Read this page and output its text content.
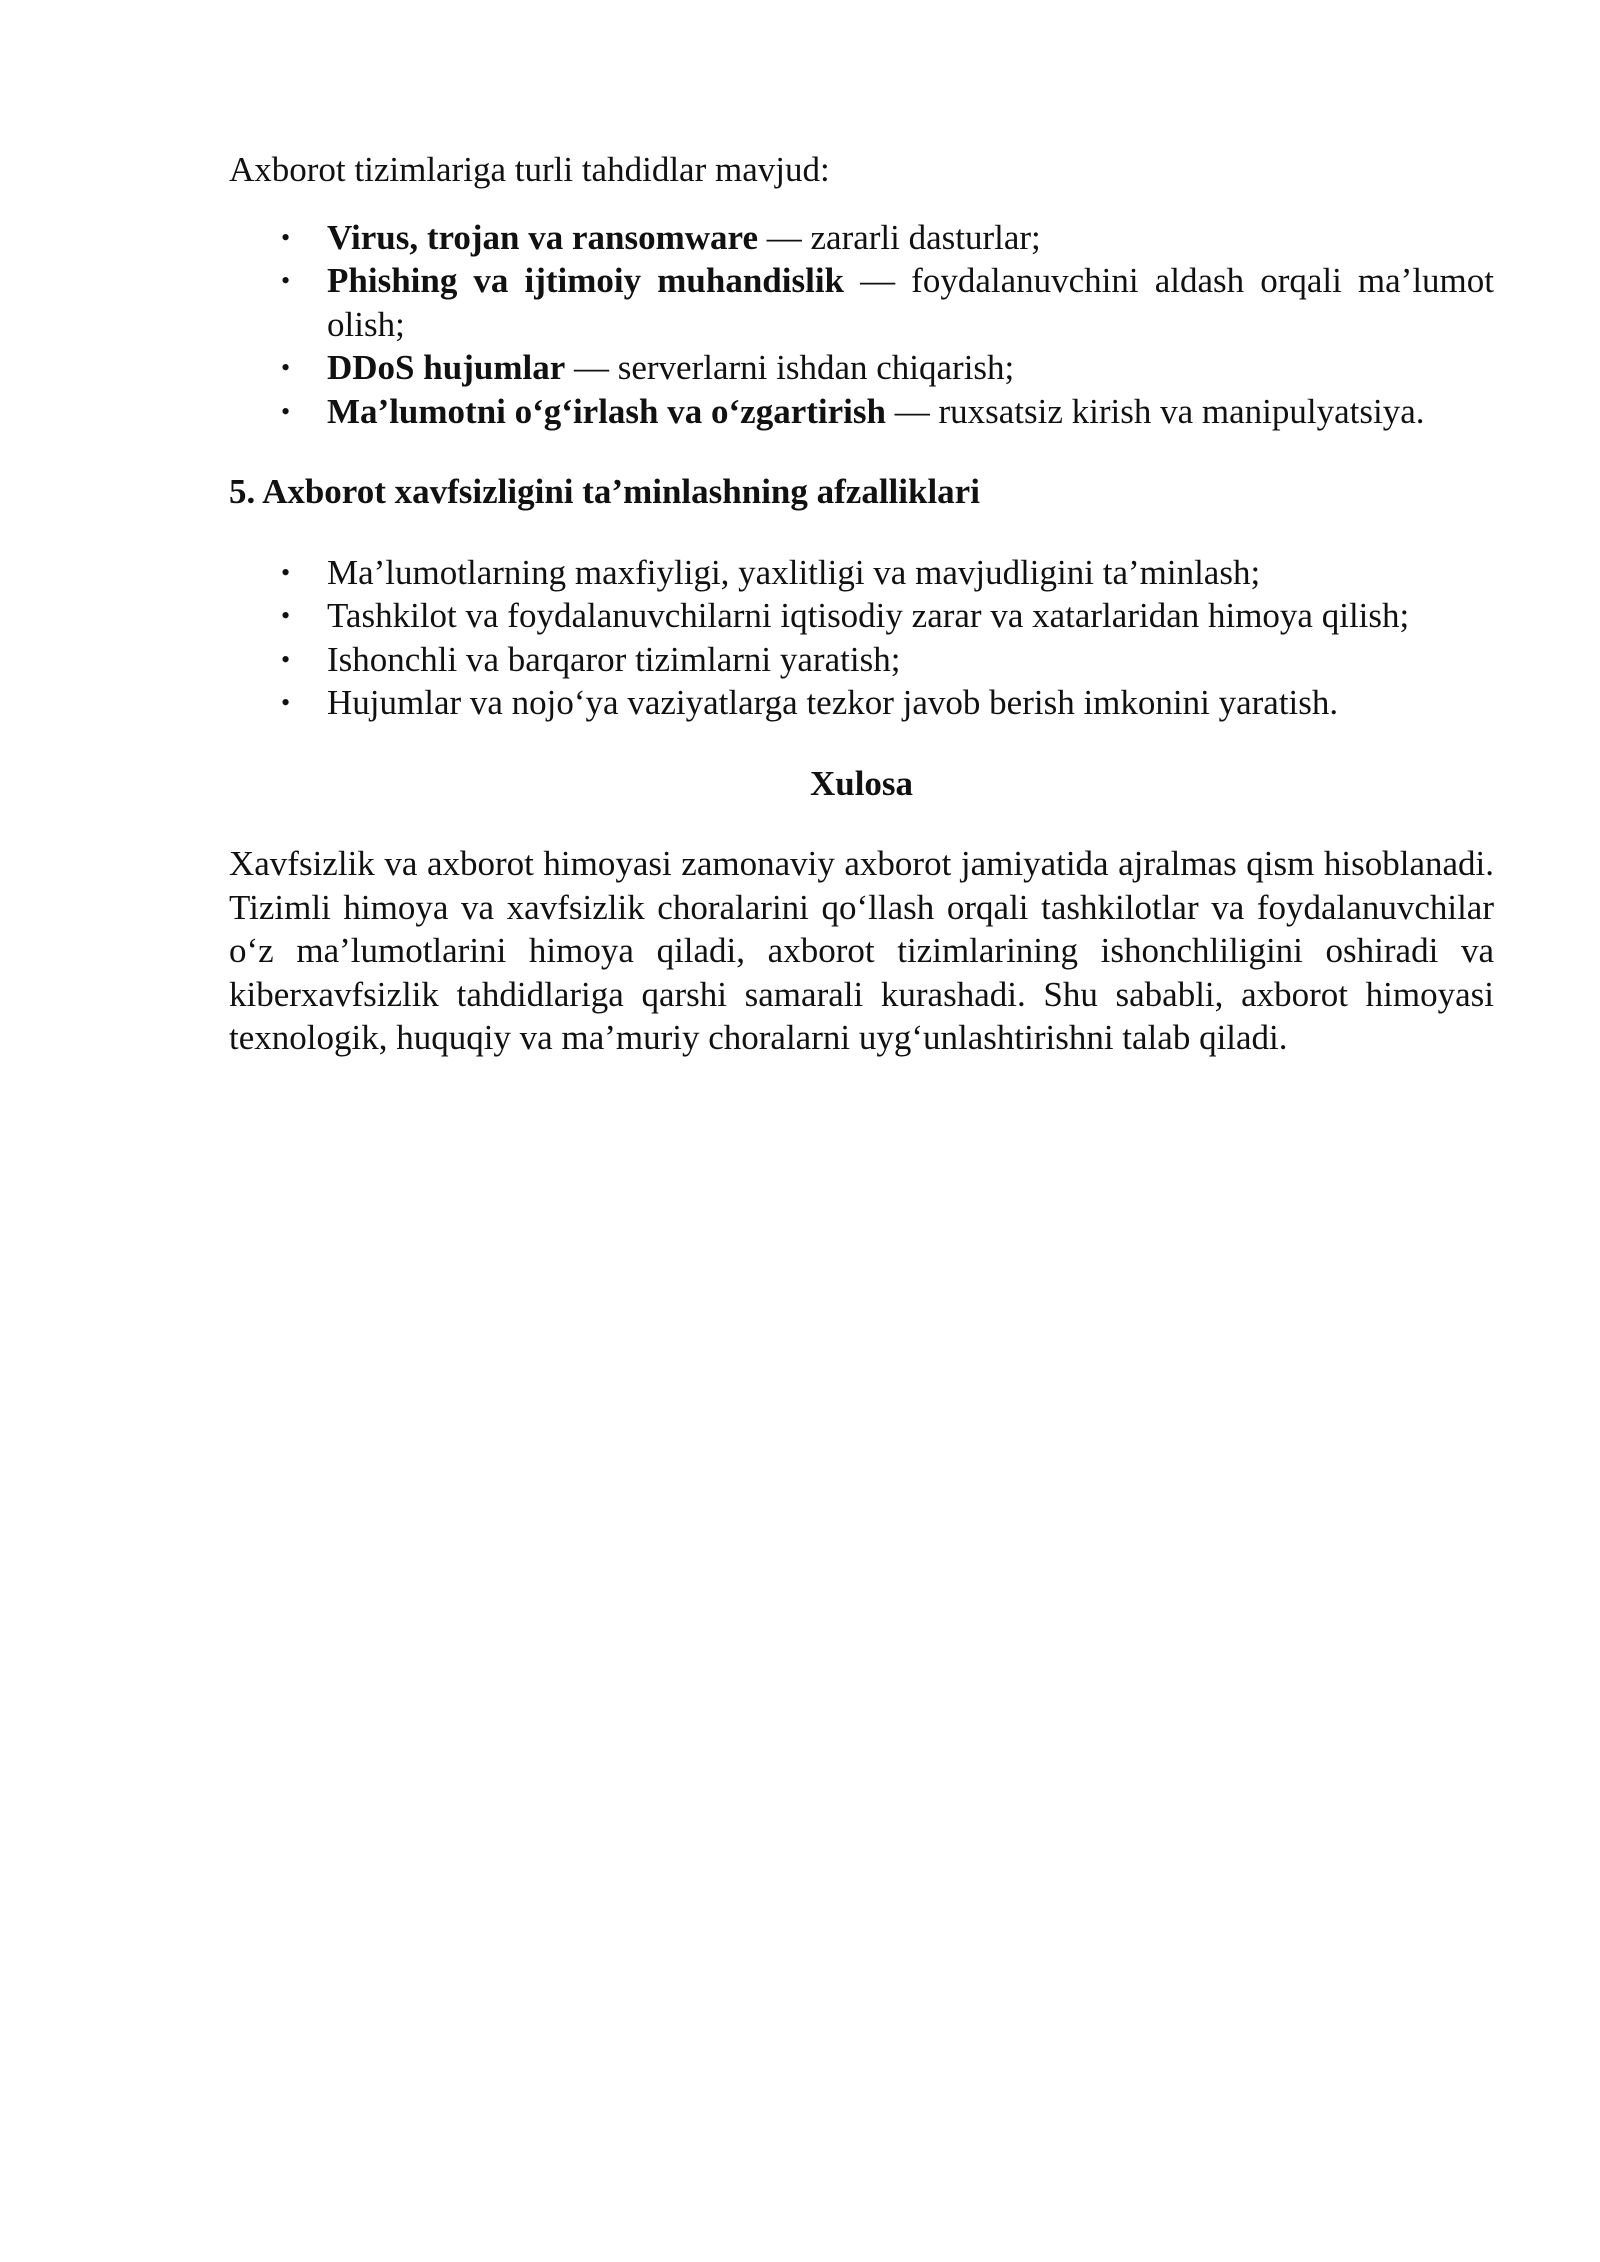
Axborot tizimlariga turli tahdidlar mavjud:

• Virus, trojan va ransomware — zararli dasturlar;
• Phishing va ijtimoiy muhandislik — foydalanuvchini aldash orqali ma’lumot olish;
• DDoS hujumlar — serverlarni ishdan chiqarish;
• Ma’lumotni o‘g‘irlash va o‘zgartirish — ruxsatsiz kirish va manipulyatsiya.

5. Axborot xavfsizligini ta’minlashning afzalliklari

• Ma’lumotlarning maxfiyligi, yaxlitligi va mavjudligini ta’minlash;
• Tashkilot va foydalanuvchilarni iqtisodiy zarar va xatarlaridan himoya qilish;
• Ishonchli va barqaror tizimlarni yaratish;
• Hujumlar va nojo‘ya vaziyatlarga tezkor javob berish imkonini yaratish.

Xulosa

Xavfsizlik va axborot himoyasi zamonaviy axborot jamiyatida ajralmas qism hisoblanadi. Tizimli himoya va xavfsizlik choralarini qo‘llash orqali tashkilotlar va foydalanuvchilar o‘z ma’lumotlarini himoya qiladi, axborot tizimlarining ishonchliligini oshiradi va kiberxavfsizlik tahdidlariga qarshi samarali kurashadi. Shu sababli, axborot himoyasi texnologik, huquqiy va ma’muriy choralarni uyg‘unlashtirishni talab qiladi.
